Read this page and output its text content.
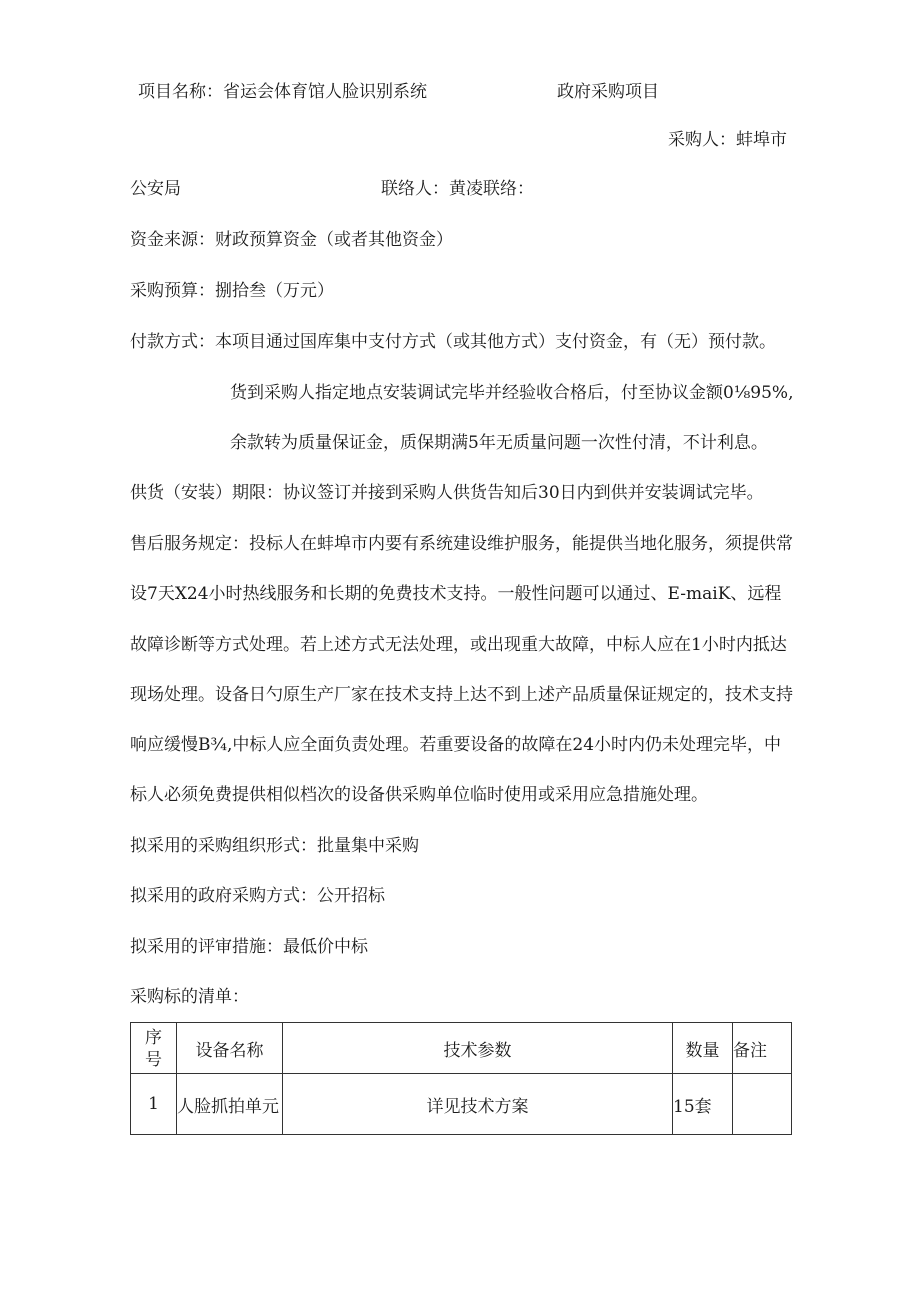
项目名称：省运会体育馆人脸识别系统	政府采购项目
采购人：蚌埠市
公安局	联络人：黄凌联络：
资金来源：财政预算资金（或者其他资金）
采购预算：捌拾叁（万元）
付款方式：本项目通过国库集中支付方式（或其他方式）支付资金，有（无）预付款。
货到采购人指定地点安装调试完毕并经验收合格后，付至协议金额0⅛95%,
余款转为质量保证金，质保期满5年无质量问题一次性付清，不计利息。
供货（安装）期限：协议签订并接到采购人供货告知后30日内到供并安装调试完毕。
售后服务规定：投标人在蚌埠市内要有系统建设维护服务，能提供当地化服务，须提供常
设7天X24小时热线服务和长期的免费技术支持。一般性问题可以通过、E-maiK、远程
故障诊断等方式处理。若上述方式无法处理，或出现重大故障，中标人应在1小时内抵达
现场处理。设备日勺原生产厂家在技术支持上达不到上述产品质量保证规定的，技术支持
响应缓慢B¾,中标人应全面负责处理。若重要设备的故障在24小时内仍未处理完毕，中
标人必须免费提供相似档次的设备供采购单位临时使用或采用应急措施处理。
拟采用的采购组织形式：批量集中采购
拟采用的政府采购方式：公开招标
拟采用的评审措施：最低价中标
采购标的清单：
序
号	设备名称	技术参数	数量	备注
1	人脸抓拍单元	详见技术方案	15套	
